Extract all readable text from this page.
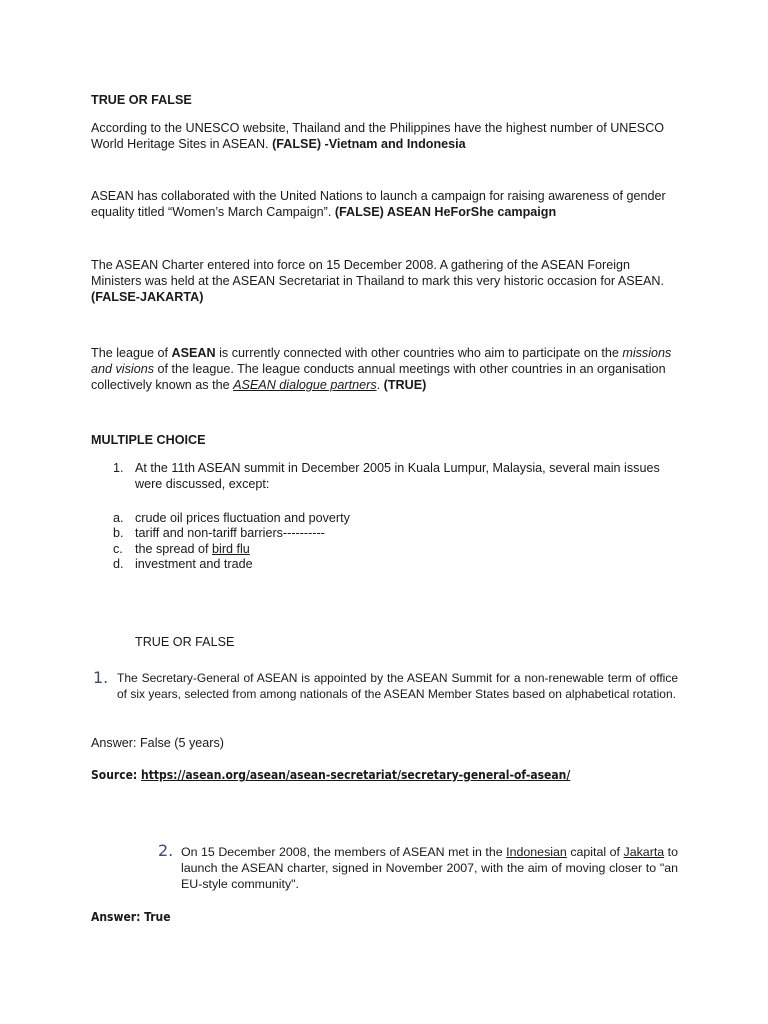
TRUE OR FALSE

According to the UNESCO website, Thailand and the Philippines have the highest number of UNESCO World Heritage Sites in ASEAN. (FALSE) -Vietnam and Indonesia

ASEAN has collaborated with the United Nations to launch a campaign for raising awareness of gender equality titled “Women’s March Campaign”. (FALSE) ASEAN HeForShe campaign

The ASEAN Charter entered into force on 15 December 2008. A gathering of the ASEAN Foreign Ministers was held at the ASEAN Secretariat in Thailand to mark this very historic occasion for ASEAN.
(FALSE-JAKARTA)

The league of ASEAN is currently connected with other countries who aim to participate on the missions and visions of the league. The league conducts annual meetings with other countries in an organisation collectively known as the ASEAN dialogue partners. (TRUE)

MULTIPLE CHOICE
1. At the 11th ASEAN summit in December 2005 in Kuala Lumpur, Malaysia, several main issues were discussed, except:

a. crude oil prices fluctuation and poverty
b. tariff and non-tariff barriers----------
c. the spread of bird flu
d. investment and trade
TRUE OR FALSE
1. The Secretary-General of ASEAN is appointed by the ASEAN Summit for a non-renewable term of office of six years, selected from among nationals of the ASEAN Member States based on alphabetical rotation.

Answer: False (5 years)
Source: https://asean.org/asean/asean-secretariat/secretary-general-of-asean/
2. On 15 December 2008, the members of ASEAN met in the Indonesian capital of Jakarta to launch the ASEAN charter, signed in November 2007, with the aim of moving closer to "an EU-style community".

Answer: True
